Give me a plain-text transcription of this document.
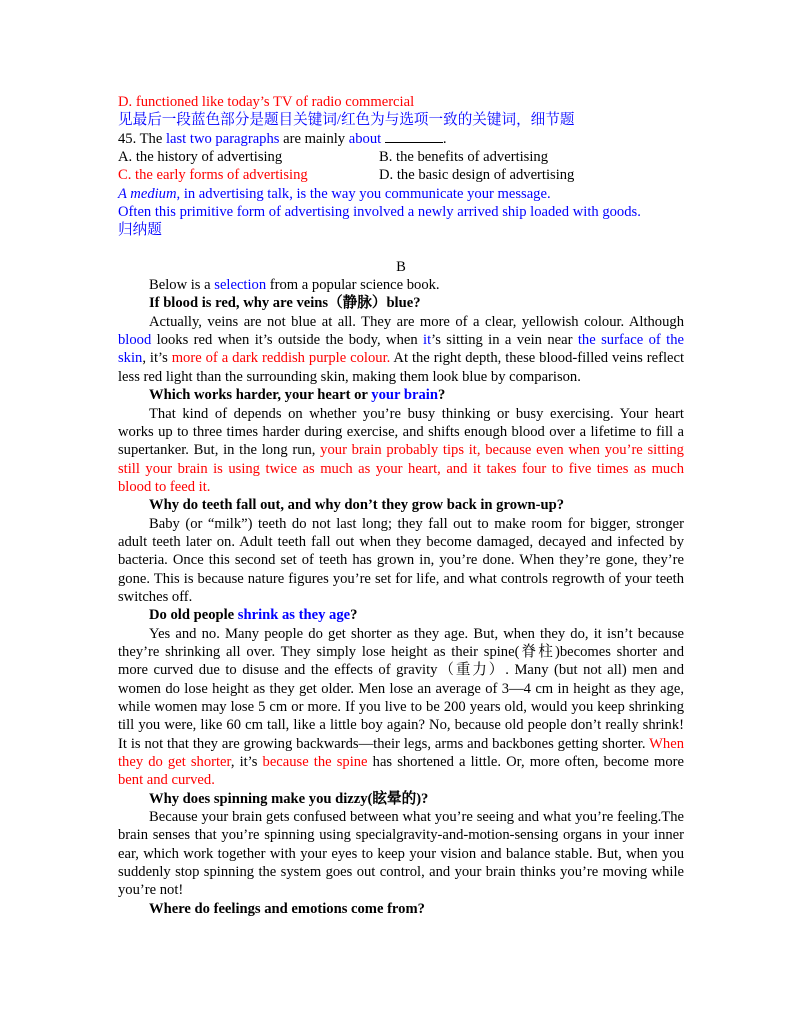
D. functioned like today’s TV of radio commercial

见最后一段蓝色部分是题目关键词/红色为与选项一致的关键词，细节题

45. The last two paragraphs are mainly about	.

A. the history of advertising	B. the benefits of advertising

C. the early forms of advertising	D. the basic design of advertising

A medium, in advertising talk, is the way you communicate your message.

Often this primitive form of advertising involved a newly arrived ship loaded with goods.

归纳题

B

Below is a selection from a popular science book.

If blood is red, why are veins（静脉）blue?

Actually, veins are not blue at all. They are more of a clear, yellowish colour. Although blood looks red when it’s outside the body, when it’s sitting in a vein near the surface of the skin, it’s more of a dark reddish purple colour. At the right depth, these blood-filled veins reflect less red light than the surrounding skin, making them look blue by comparison.

Which works harder, your heart or your brain?

That kind of depends on whether you’re busy thinking or busy exercising. Your heart works up to three times harder during exercise, and shifts enough blood over a lifetime to fill a supertanker. But, in the long run, your brain probably tips it, because even when you’re sitting still your brain is using twice as much as your heart, and it takes four to five times as much blood to feed it.

Why do teeth fall out, and why don’t they grow back in grown-up?

Baby (or “milk”) teeth do not last long; they fall out to make room for bigger, stronger adult teeth later on. Adult teeth fall out when they become damaged, decayed and infected by bacteria. Once this second set of teeth has grown in, you’re done. When they’re gone, they’re gone. This is because nature figures you’re set for life, and what controls regrowth of your teeth switches off.

Do old people shrink as they age?

Yes and no. Many people do get shorter as they age. But, when they do, it isn’t because they’re shrinking all over. They simply lose height as their spine(脊柱)becomes shorter and more curved due to disuse and the effects of gravity（重力）. Many (but not all) men and women do lose height as they get older. Men lose an average of 3—4 cm in height as they age, while women may lose 5 cm or more. If you live to be 200 years old, would you keep shrinking till you were, like 60 cm tall, like a little boy again? No, because old people don’t really shrink! It is not that they are growing backwards—their legs, arms and backbones getting shorter. When they do get shorter, it’s because the spine has shortened a little. Or, more often, become more bent and curved.

Why does spinning make you dizzy(眩晕的)?

Because your brain gets confused between what you’re seeing and what you’re feeling.The brain senses that you’re spinning using specialgravity-and-motion-sensing organs in your inner ear, which work together with your eyes to keep your vision and balance stable. But, when you suddenly stop spinning the system goes out control, and your brain thinks you’re moving while you’re not!

Where do feelings and emotions come from?
